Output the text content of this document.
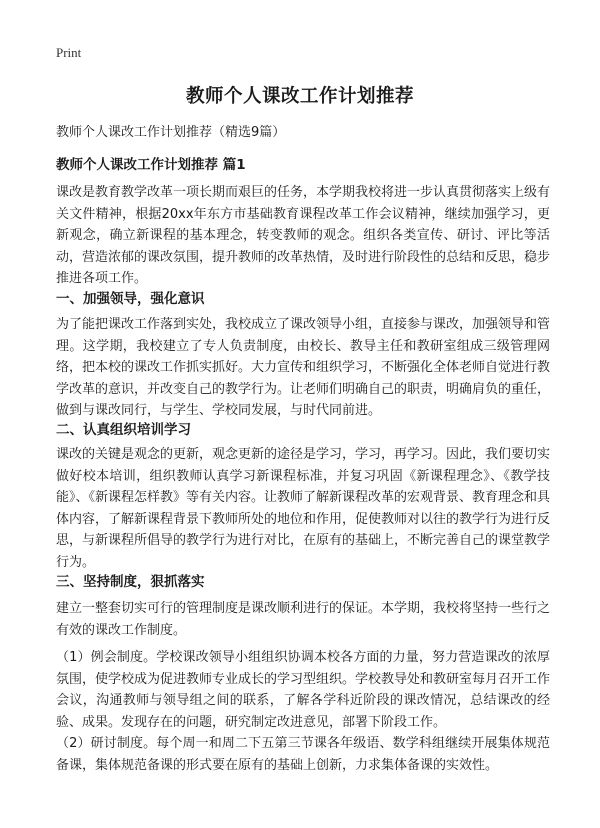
Print
教师个人课改工作计划推荐

教师个人课改工作计划推荐（精选9篇）

教师个人课改工作计划推荐 篇1

课改是教育教学改革一项长期而艰巨的任务，本学期我校将进一步认真贯彻落实上级有关文件精神，根据20xx年东方市基础教育课程改革工作会议精神，继续加强学习，更新观念，确立新课程的基本理念，转变教师的观念。组织各类宣传、研讨、评比等活动，营造浓郁的课改氛围，提升教师的改革热情，及时进行阶段性的总结和反思，稳步推进各项工作。

一、加强领导，强化意识

为了能把课改工作落到实处，我校成立了课改领导小组，直接参与课改，加强领导和管理。这学期，我校建立了专人负责制度，由校长、教导主任和教研室组成三级管理网络，把本校的课改工作抓实抓好。大力宣传和组织学习，不断强化全体老师自觉进行教学改革的意识，并改变自己的教学行为。让老师们明确自己的职责，明确肩负的重任，做到与课改同行，与学生、学校同发展，与时代同前进。

二、认真组织培训学习

课改的关键是观念的更新，观念更新的途径是学习，学习，再学习。因此，我们要切实做好校本培训，组织教师认真学习新课程标准，并复习巩固《新课程理念》、《教学技能》、《新课程怎样教》等有关内容。让教师了解新课程改革的宏观背景、教育理念和具体内容，了解新课程背景下教师所处的地位和作用，促使教师对以往的教学行为进行反思，与新课程所倡导的教学行为进行对比，在原有的基础上，不断完善自己的课堂教学行为。

三、坚持制度，狠抓落实

建立一整套切实可行的管理制度是课改顺利进行的保证。本学期，我校将坚持一些行之有效的课改工作制度。

（1）例会制度。学校课改领导小组组织协调本校各方面的力量，努力营造课改的浓厚氛围，使学校成为促进教师专业成长的学习型组织。学校教导处和教研室每月召开工作会议，沟通教师与领导组之间的联系，了解各学科近阶段的课改情况，总结课改的经验、成果。发现存在的问题，研究制定改进意见，部署下阶段工作。

（2）研讨制度。每个周一和周二下五第三节课各年级语、数学科组继续开展集体规范备课，集体规范备课的形式要在原有的基础上创新，力求集体备课的实效性。
